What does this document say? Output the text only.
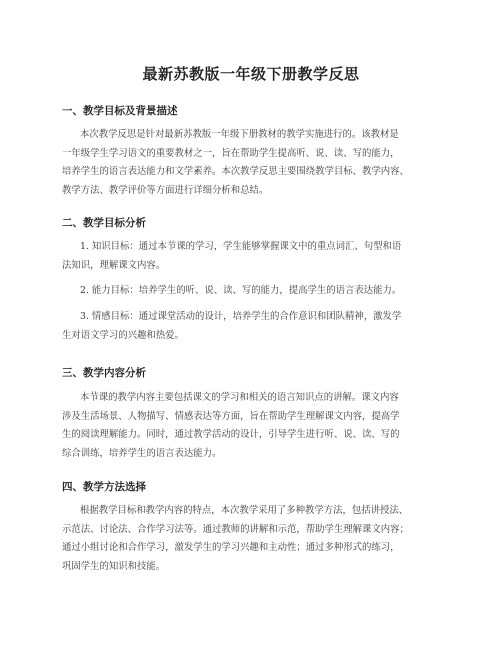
最新苏教版一年级下册教学反思
一、教学目标及背景描述
本次教学反思是针对最新苏教版一年级下册教材的教学实施进行的。该教材是
一年级学生学习语文的重要教材之一，旨在帮助学生提高听、说、读、写的能力，
培养学生的语言表达能力和文学素养。本次教学反思主要围绕教学目标、教学内容、
教学方法、教学评价等方面进行详细分析和总结。
二、教学目标分析
1. 知识目标：通过本节课的学习，学生能够掌握课文中的重点词汇、句型和语
法知识，理解课文内容。
2. 能力目标：培养学生的听、说、读、写的能力，提高学生的语言表达能力。
3. 情感目标：通过课堂活动的设计，培养学生的合作意识和团队精神，激发学
生对语文学习的兴趣和热爱。
三、教学内容分析
本节课的教学内容主要包括课文的学习和相关的语言知识点的讲解。课文内容
涉及生活场景、人物描写、情感表达等方面，旨在帮助学生理解课文内容，提高学
生的阅读理解能力。同时，通过教学活动的设计，引导学生进行听、说、读、写的
综合训练，培养学生的语言表达能力。
四、教学方法选择
根据教学目标和教学内容的特点，本次教学采用了多种教学方法，包括讲授法、
示范法、讨论法、合作学习法等。通过教师的讲解和示范，帮助学生理解课文内容；
通过小组讨论和合作学习，激发学生的学习兴趣和主动性；通过多种形式的练习，
巩固学生的知识和技能。
